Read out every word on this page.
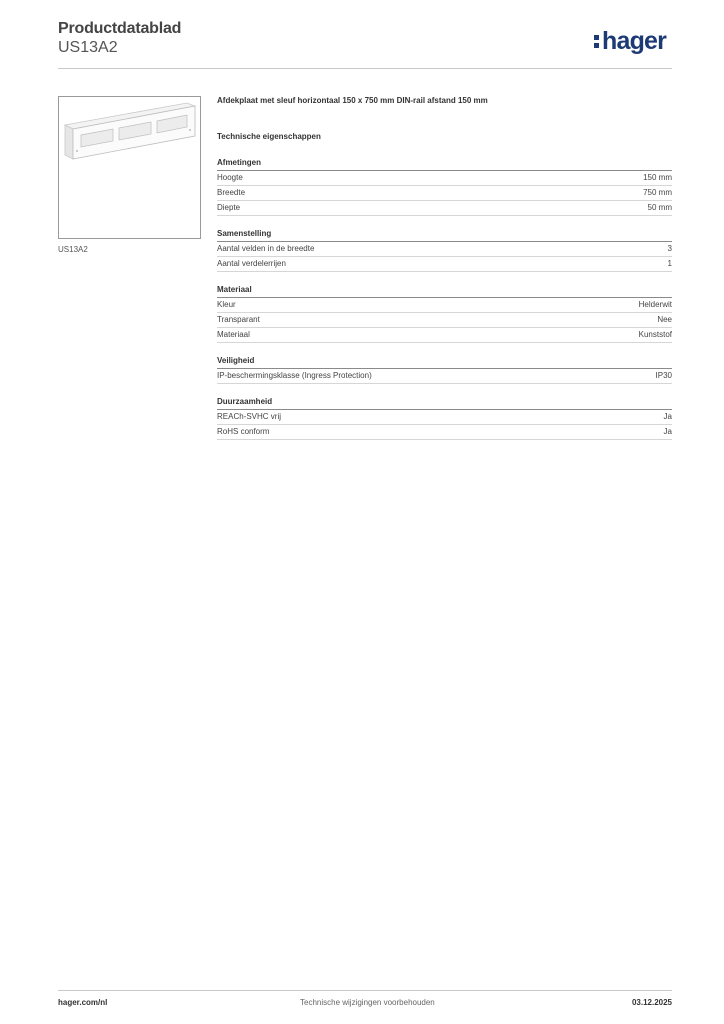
Productdatablad
US13A2	hager
US13A2
Afdekplaat met sleuf horizontaal 150 x 750 mm DIN-rail afstand 150 mm
Technische eigenschappen
Afmetingen
Hoogte	150 mm
Breedte	750 mm
Diepte	50 mm
Samenstelling
Aantal velden in de breedte	3
Aantal verdelerrijen	1
Materiaal
Kleur	Helderwit
Transparant	Nee
Materiaal	Kunststof
Veiligheid
IP-beschermingsklasse (Ingress Protection)	IP30
Duurzaamheid
REACh-SVHC vrij	Ja
RoHS conform	Ja
hager.com/nl	Technische wijzigingen voorbehouden	03.12.2025
